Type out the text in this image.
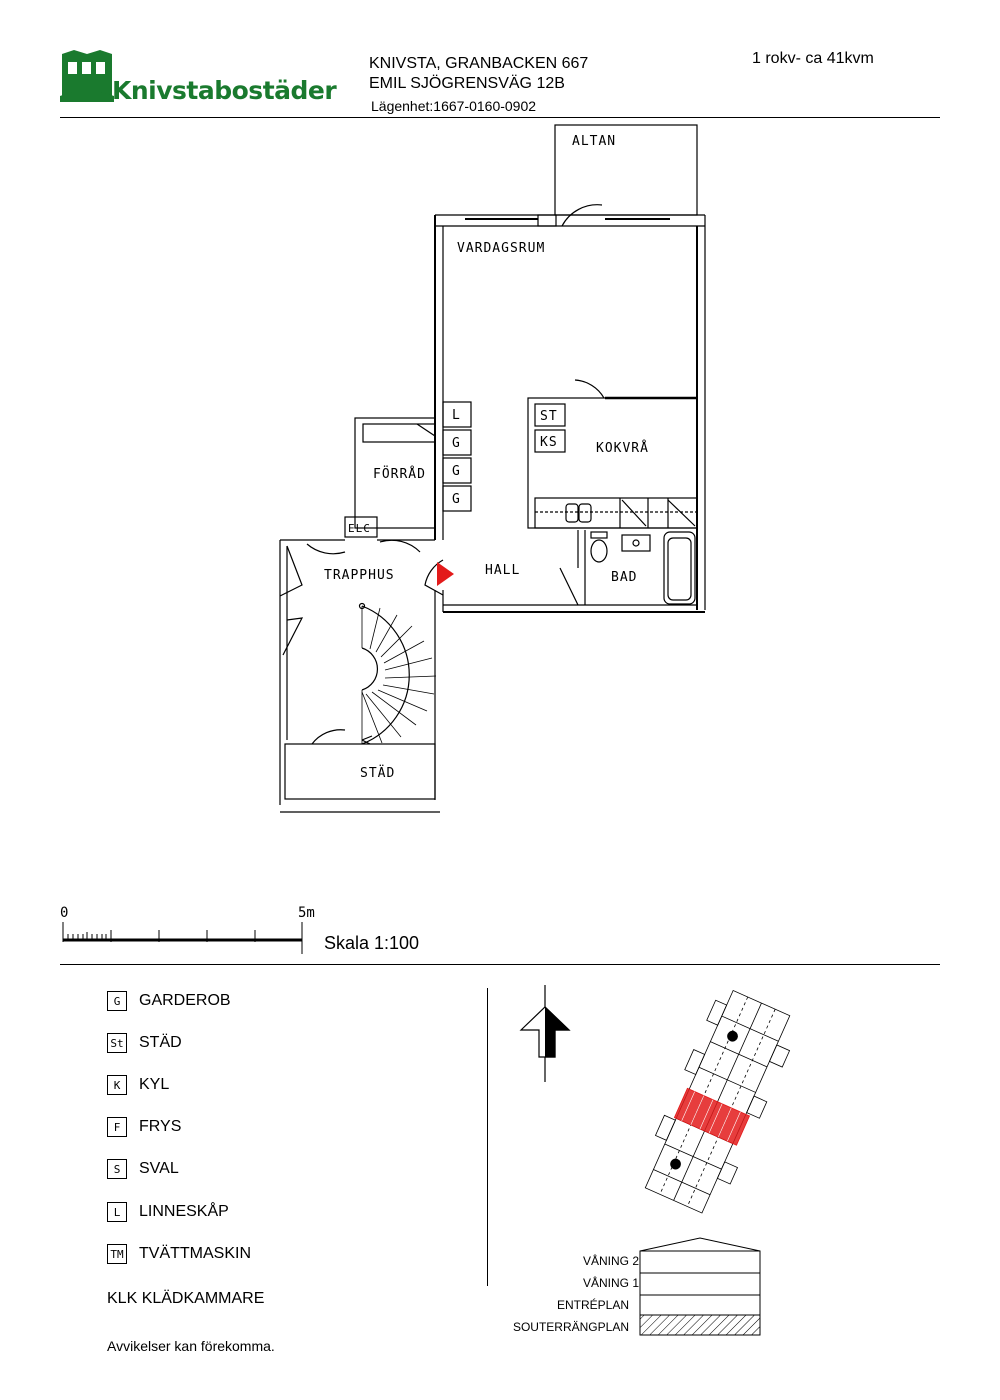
Knivstabostäder
KNIVSTA, GRANBACKEN 667
EMIL SJÖGRENSVÄG 12B
Lägenhet:1667-0160-0902
1 rokv- ca 41kvm
ALTAN
VARDAGSRUM
KOKVRÅ
FÖRRÅD
TRAPPHUS	HALL	BAD
STÄD
L
G
G
G
ST
KS
ELC
0	5m
Skala 1:100
G	GARDEROB
St STÄD
K	KYL
F	FRYS
S	SVAL
L	LINNESKÅP
TM TVÄTTMASKIN
KLK KLÄDKAMMARE
Avvikelser kan förekomma.
VÅNING 2
VÅNING 1
ENTRÉPLAN
SOUTERRÄNGPLAN
